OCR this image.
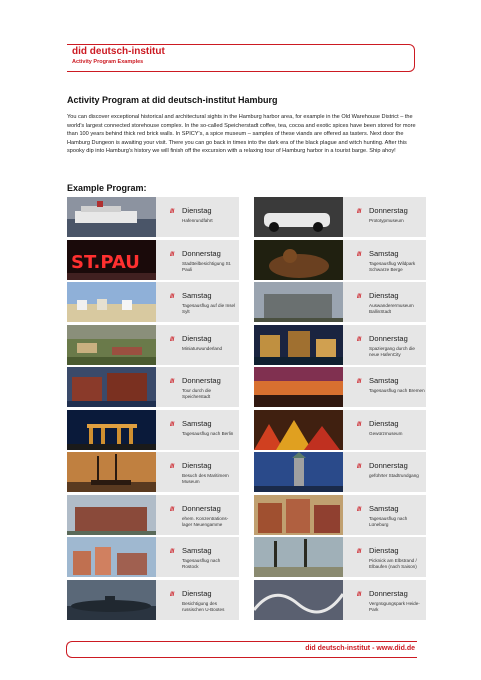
did deutsch-institut
Activity Program Examples
Activity Program at did deutsch-institut Hamburg
You can discover exceptional historical and architectural sights in the Hamburg harbor area, for example in the Old Warehouse District – the world's largest connected storehouse complex. In the so-called Speicherstadt coffee, tea, cocoa and exotic spices have been stored for more than 100 years behind thick red brick walls. In SPICY's, a spice museum – samples of these viands are offered as tasters. Next door the Hamburg Dungeon is awaiting your visit. There you can go back in times into the dark era of the black plague and witch hunting. After this spooky dip into Hamburg's history we will finish off the excursion with a relaxing tour of Hamburg harbor in a tourist barge. Ship ahoy!
Example Program:
/// Dienstag
Hafenrundfahrt
ST.PAU	/// Donnerstag
Stadtteilbesichtigung St. Pauli
/// Samstag
Tagesausflug auf die Insel Sylt
/// Dienstag
Miniaturwunderland
/// Donnerstag
Tour durch die Speicherstadt
/// Samstag
Tagesausflug nach Berlin
/// Dienstag
Besuch des Maritimem Museum
/// Donnerstag
ehem. Konzentrations-lager Neuengamme
/// Samstag
Tagesausflug nach Rostock
/// Dienstag
Besichtigung des russischen U-Bootes
/// Donnerstag
Prototypmuseum
/// Samstag
Tagesausflug Wildpark Schwarze Berge
/// Dienstag
Auswanderermuseum BallinStadt
/// Donnerstag
Spaziergang durch die neue HafenCity
/// Samstag
Tagesausflug nach Bremen
/// Dienstag
Gewürzmuseum
/// Donnerstag
geführter Stadtrundgang
/// Samstag
Tagesausflug nach Lüneburg
/// Dienstag
Picknick am Elbstrand / Elbaufen (nach Saison)
/// Donnerstag
Vergnügungspark Heide-Park
did deutsch-institut - www.did.de
